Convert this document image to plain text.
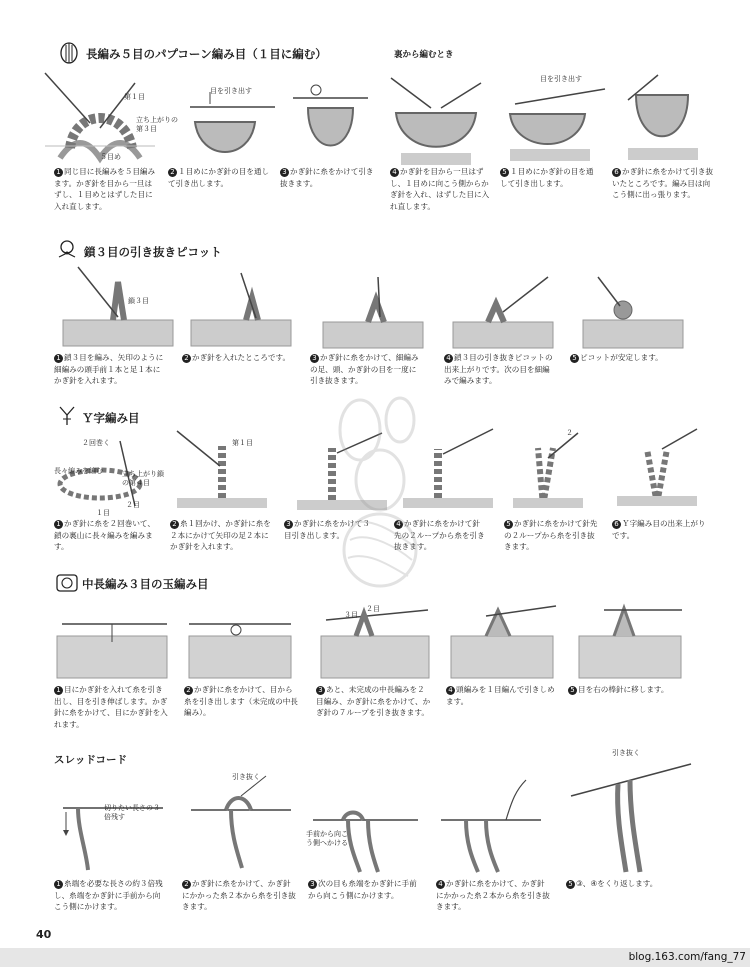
長編み５目のパプコーン編み目（１目に編む）	裏から編むとき
第１目
立ち上がりの第３目
５目め
目を引き出す
目を引き出す
1 同じ目に長編みを５目編みます。かぎ針を目から一旦はずし、１目めとはずした目に入れ直します。
2 １目めにかぎ針の目を通して引き出します。
3 かぎ針に糸をかけて引き抜きます。
4 かぎ針を目から一旦はずし、１目めに向こう側からかぎ針を入れ、はずした目に入れ直します。
5 １目めにかぎ針の目を通して引き出します。
6 かぎ針に糸をかけて引き抜いたところです。編み目は向こう側に出っ張ります。
鎖３目の引き抜きピコット
鎖３目
1 鎖３目を編み、矢印のように細編みの頭手前１本と足１本にかぎ針を入れます。
2 かぎ針を入れたところです。	3 かぎ針に糸をかけて、細編みの足、頭、かぎ針の目を一度に引き抜きます。
4 鎖３目の引き抜きピコットの出来上がりです。次の目を細編みで編みます。
5 ピコットが安定します。
Ｙ字編み目
２回巻く
長々編みを編む	立ち上がり鎖の第４目
２目
１目
第１目
２
1 かぎ針に糸を２回巻いて、鎖の裏山に長々編みを編みます。
2 糸１回かけ、かぎ針に糸を２本にかけて矢印の足２本にかぎ針を入れます。
3 かぎ針に糸をかけて３目引き出します。
4 かぎ針に糸をかけて針先の２ループから糸を引き抜きます。
5 かぎ針に糸をかけて針先の２ループから糸を引き抜きます。
6 Ｙ字編み目の出来上がりです。
中長編み３目の玉編み目
３目
２目
1 目にかぎ針を入れて糸を引き出し、目を引き伸ばします。かぎ針に糸をかけて、目にかぎ針を入れます。
2 かぎ針に糸をかけて、目から糸を引き出します（未完成の中長編み）。
3 あと、未完成の中長編みを２目編み、かぎ針に糸をかけて、かぎ針の７ループを引き抜きます。
4 頭編みを１目編んで引きしめます。
5 目を右の棒針に移します。
スレッドコード
切りたい長さの３倍残す
引き抜く
手前から向こう側へかける
引き抜く
1 糸端を必要な長さの約３倍残し、糸端をかぎ針に手前から向こう側にかけます。
2 かぎ針に糸をかけて、かぎ針にかかった糸２本から糸を引き抜きます。
3 次の目も糸端をかぎ針に手前から向こう側にかけます。
4 かぎ針に糸をかけて、かぎ針にかかった糸２本から糸を引き抜きます。
5 ③、④をくり返します。
40
blog.163.com/fang_77
